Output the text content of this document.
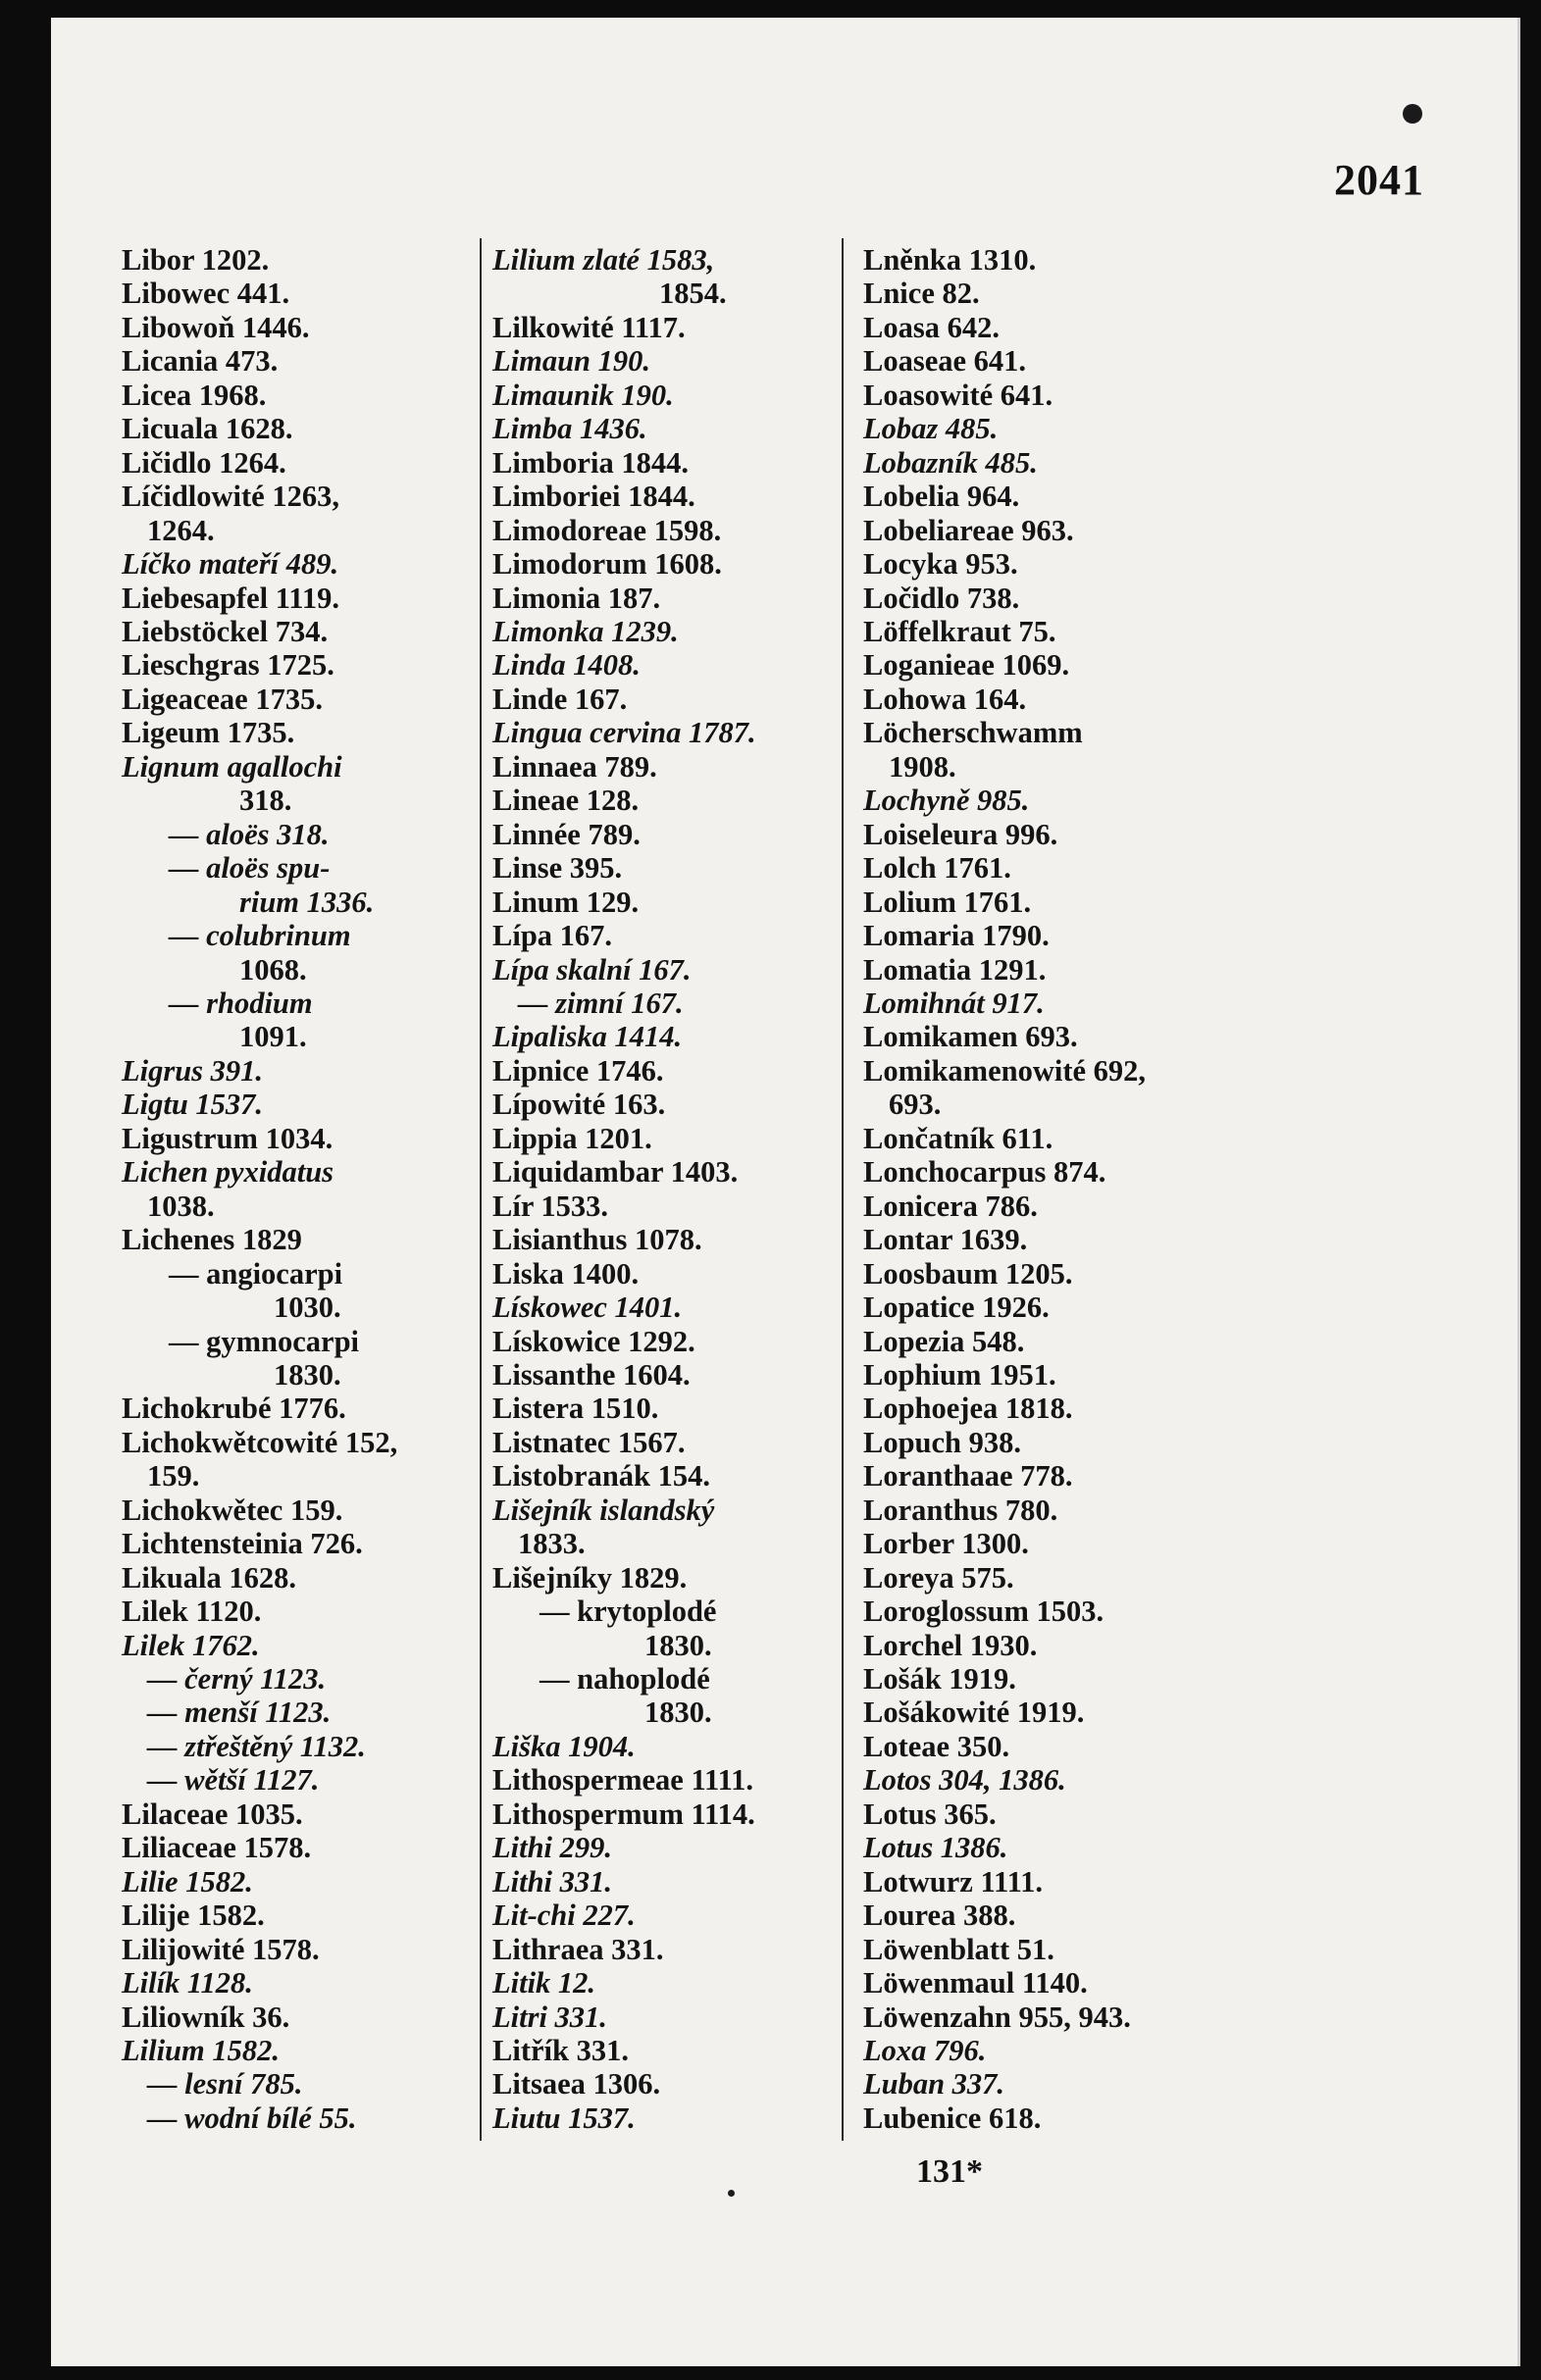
2041
Libor 1202.
Libowec 441.
Libowoň 1446.
Licania 473.
Licea 1968.
Licuala 1628.
Ličidlo 1264.
Líčidlowité 1263,
1264.
Líčko mateří 489.
Liebesapfel 1119.
Liebstöckel 734.
Lieschgras 1725.
Ligeaceae 1735.
Ligeum 1735.
Lignum agallochi
318.
— aloës 318.
— aloës spu-
rium 1336.
— colubrinum
1068.
— rhodium
1091.
Ligrus 391.
Ligtu 1537.
Ligustrum 1034.
Lichen pyxidatus
1038.
Lichenes 1829
— angiocarpi
1030.
— gymnocarpi
1830.
Lichokrubé 1776.
Lichokwětcowité 152,
159.
Lichokwětec 159.
Lichtensteinia 726.
Likuala 1628.
Lilek 1120.
Lilek 1762.
— černý 1123.
— menší 1123.
— ztřeštěný 1132.
— wětší 1127.
Lilaceae 1035.
Liliaceae 1578.
Lilie 1582.
Lilije 1582.
Lilijowité 1578.
Lilík 1128.
Liliowník 36.
Lilium 1582.
— lesní 785.
— wodní bílé 55.
Lilium zlaté 1583,
1854.
Lilkowité 1117.
Limaun 190.
Limaunik 190.
Limba 1436.
Limboria 1844.
Limboriei 1844.
Limodoreae 1598.
Limodorum 1608.
Limonia 187.
Limonka 1239.
Linda 1408.
Linde 167.
Lingua cervina 1787.
Linnaea 789.
Lineae 128.
Linnée 789.
Linse 395.
Linum 129.
Lípa 167.
Lípa skalní 167.
— zimní 167.
Lipaliska 1414.
Lipnice 1746.
Lípowité 163.
Lippia 1201.
Liquidambar 1403.
Lír 1533.
Lisianthus 1078.
Liska 1400.
Lískowec 1401.
Lískowice 1292.
Lissanthe 1604.
Listera 1510.
Listnatec 1567.
Listobranák 154.
Lišejník islandský
1833.
Lišejníky 1829.
— krytoplodé
1830.
— nahoplodé
1830.
Liška 1904.
Lithospermeae 1111.
Lithospermum 1114.
Lithi 299.
Lithi 331.
Lit-chi 227.
Lithraea 331.
Litik 12.
Litri 331.
Litřík 331.
Litsaea 1306.
Liutu 1537.
Lněnka 1310.
Lnice 82.
Loasa 642.
Loaseae 641.
Loasowité 641.
Lobaz 485.
Lobazník 485.
Lobelia 964.
Lobeliareae 963.
Locyka 953.
Ločidlo 738.
Löffelkraut 75.
Loganieae 1069.
Lohowa 164.
Löcherschwamm
1908.
Lochyně 985.
Loiseleura 996.
Lolch 1761.
Lolium 1761.
Lomaria 1790.
Lomatia 1291.
Lomihnát 917.
Lomikamen 693.
Lomikamenowité 692,
693.
Lončatník 611.
Lonchocarpus 874.
Lonicera 786.
Lontar 1639.
Loosbaum 1205.
Lopatice 1926.
Lopezia 548.
Lophium 1951.
Lophoejea 1818.
Lopuch 938.
Loranthaae 778.
Loranthus 780.
Lorber 1300.
Loreya 575.
Loroglossum 1503.
Lorchel 1930.
Lošák 1919.
Lošákowité 1919.
Loteae 350.
Lotos 304, 1386.
Lotus 365.
Lotus 1386.
Lotwurz 1111.
Lourea 388.
Löwenblatt 51.
Löwenmaul 1140.
Löwenzahn 955, 943.
Loxa 796.
Luban 337.
Lubenice 618.
131*
